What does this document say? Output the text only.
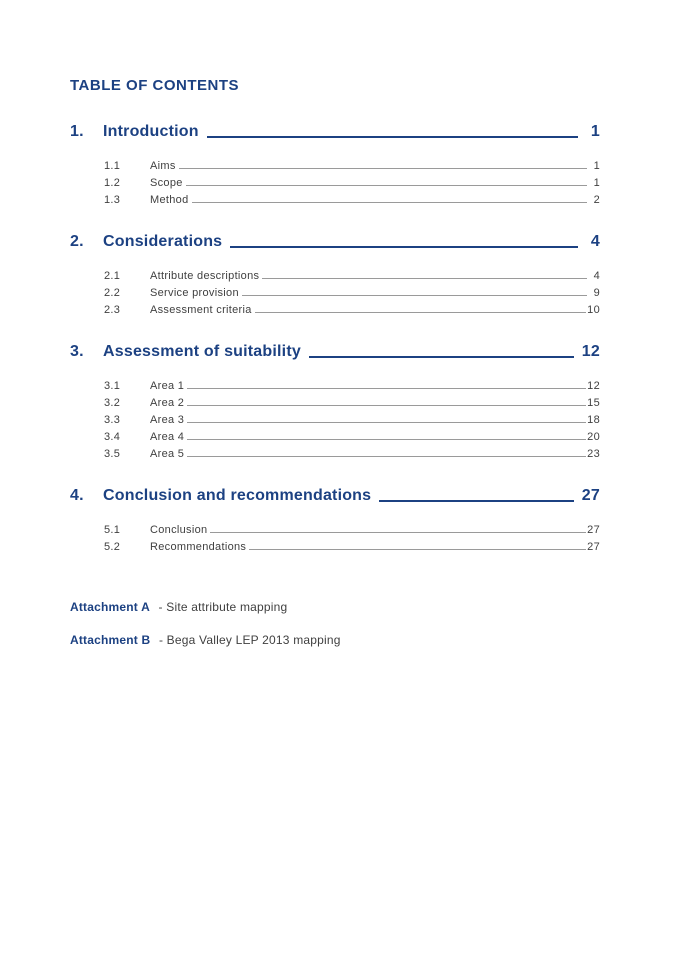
TABLE OF CONTENTS
1.	Introduction	1
1.1	Aims	1
1.2	Scope	1
1.3	Method	2
2.	Considerations	4
2.1	Attribute descriptions	4
2.2	Service provision	9
2.3	Assessment criteria	10
3.	Assessment of suitability	12
3.1	Area 1	12
3.2	Area 2	15
3.3	Area 3	18
3.4	Area 4	20
3.5	Area 5	23
4.	Conclusion and recommendations	27
5.1	Conclusion	27
5.2	Recommendations	27

Attachment A - Site attribute mapping

Attachment B - Bega Valley LEP 2013 mapping
